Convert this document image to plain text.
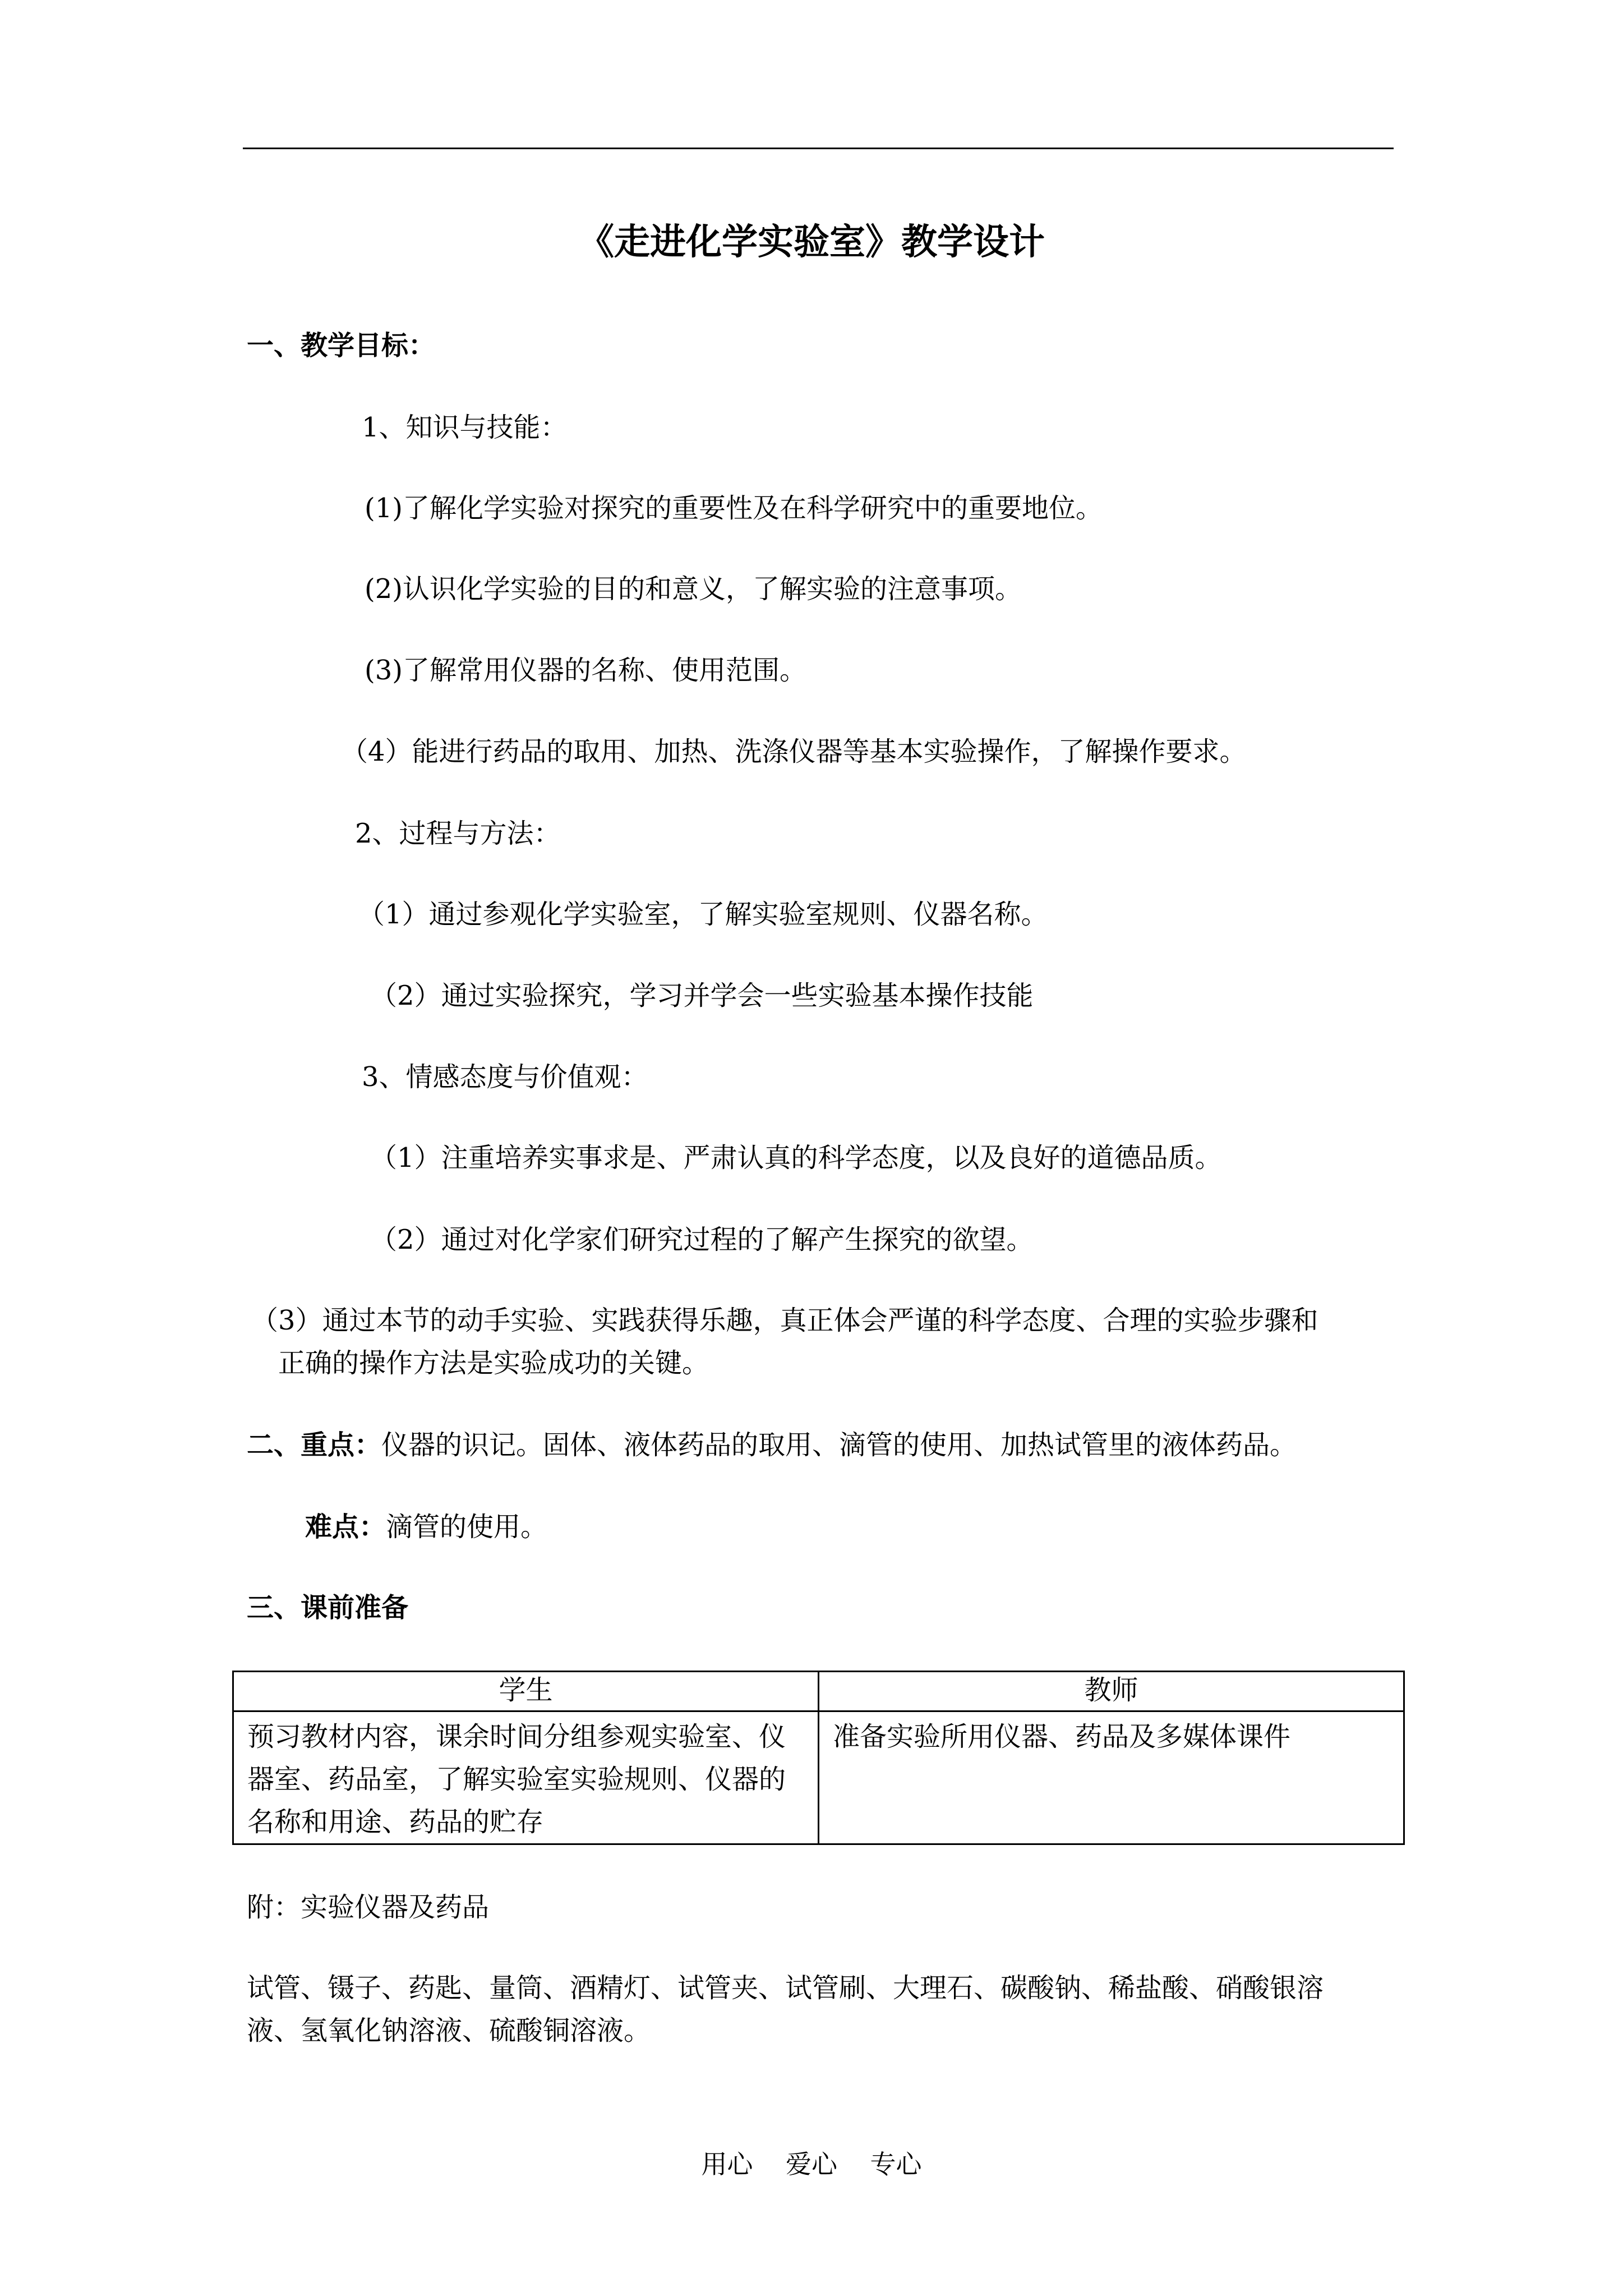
《走进化学实验室》教学设计
一、教学目标：
1、知识与技能：
(1)了解化学实验对探究的重要性及在科学研究中的重要地位。
(2)认识化学实验的目的和意义，了解实验的注意事项。
(3)了解常用仪器的名称、使用范围。
（4）能进行药品的取用、加热、洗涤仪器等基本实验操作，了解操作要求。
2、过程与方法：
（1）通过参观化学实验室，了解实验室规则、仪器名称。
（2）通过实验探究，学习并学会一些实验基本操作技能
3、情感态度与价值观：
（1）注重培养实事求是、严肃认真的科学态度，以及良好的道德品质。
（2）通过对化学家们研究过程的了解产生探究的欲望。
（3）通过本节的动手实验、实践获得乐趣，真正体会严谨的科学态度、合理的实验步骤和
正确的操作方法是实验成功的关键。
二、重点：仪器的识记。固体、液体药品的取用、滴管的使用、加热试管里的液体药品。
难点：滴管的使用。
三、课前准备
学生	教师
预习教材内容，课余时间分组参观实验室、仪器室、药品室，了解实验室实验规则、仪器的名称和用途、药品的贮存	准备实验所用仪器、药品及多媒体课件
附：实验仪器及药品
试管、镊子、药匙、量筒、酒精灯、试管夹、试管刷、大理石、碳酸钠、稀盐酸、硝酸银溶
液、氢氧化钠溶液、硫酸铜溶液。
用心    爱心    专心
